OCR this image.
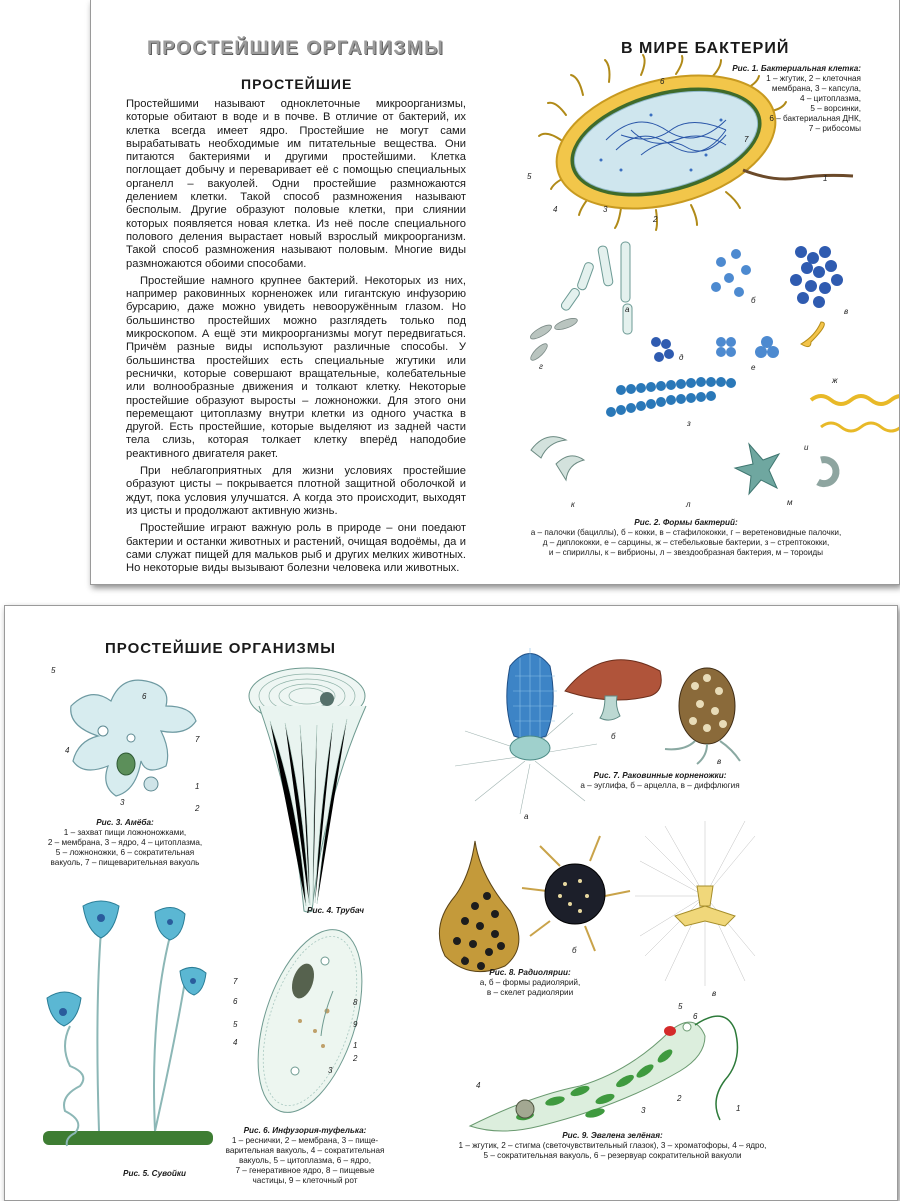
ПРОСТЕЙШИЕ ОРГАНИЗМЫ
ПРОСТЕЙШИЕ
В МИРЕ БАКТЕРИЙ

Простейшими называют одноклеточные микроорганизмы, которые обитают в воде и в почве. В отличие от бактерий, их клетка всегда имеет ядро. Простейшие не могут сами вырабатывать необходимые им питательные вещества. Они питаются бактериями и другими простейшими. Клетка поглощает добычу и переваривает её с помощью специальных органелл – вакуолей. Одни простейшие размножаются делением клетки. Такой способ размножения называют бесполым. Другие образуют половые клетки, при слиянии которых появляется новая клетка. Из неё после специального полового деления вырастает новый взрослый микроорганизм. Такой способ размножения называют половым. Многие виды размножаются обоими способами.

Простейшие намного крупнее бактерий. Некоторых из них, например раковинных корненожек или гигантскую инфузорию бурсарию, даже можно увидеть невооружённым глазом. Но большинство простейших можно разглядеть только под микроскопом. А ещё эти микроорганизмы могут передвигаться. Причём разные виды используют различные способы. У большинства простейших есть специальные жгутики или реснички, которые совершают вращательные, колебательные или волнообразные движения и толкают клетку. Некоторые простейшие образуют выросты – ложноножки. Для этого они перемещают цитоплазму внутри клетки из одного участка в другой. Есть простейшие, которые выделяют из задней части тела слизь, которая толкает клетку вперёд наподобие реактивного двигателя ракет.

При неблагоприятных для жизни условиях простейшие образуют цисты – покрывается плотной защитной оболочкой и ждут, пока условия улучшатся. А когда это происходит, выходят из цисты и продолжают активную жизнь.

Простейшие играют важную роль в природе – они поедают бактерии и останки животных и растений, очищая водоёмы, да и сами служат пищей для мальков рыб и других мелких животных. Но некоторые виды вызывают болезни человека или животных.

6
1
7
5
4	3
2
Рис. 1. Бактериальная клетка:
1 – жгутик, 2 – клеточная
мембрана, 3 – капсула,
4 – цитоплазма,
5 – ворсинки,
6 – бактериальная ДНК,
7 – рибосомы
а
б
в
г
д
е
ж
з
и
к	л	м
Рис. 2. Формы бактерий:
а – палочки (бациллы), б – кокки, в – стафилококки, г – веретеновидные палочки,
д – диплококки, е – сарцины, ж – стебельковые бактерии, з – стрептококки,
и – спириллы, к – вибрионы, л – звездообразная бактерия, м – тороиды
ПРОСТЕЙШИЕ ОРГАНИЗМЫ
5
6
4
7
1
3
2
Рис. 3. Амёба:
1 – захват пищи ложноножками,
2 – мембрана, 3 – ядро, 4 – цитоплазма,
5 – ложноножки, 6 – сократительная
вакуоль, 7 – пищеварительная вакуоль
Рис. 4. Трубач
Рис. 5. Сувойки
7
6
5
4
8
9
1
2
3
Рис. 6. Инфузория-туфелька:
1 – реснички, 2 – мембрана, 3 – пище-
варительная вакуоль, 4 – сократительная
вакуоль, 5 – цитоплазма, 6 – ядро,
7 – генеративное ядро, 8 – пищевые
частицы, 9 – клеточный рот
а
б
в
Рис. 7. Раковинные корненожки:
а – эуглифа, б – арцелла, в – диффлюгия
а
б
в
Рис. 8. Радиолярии:
а, б – формы радиолярий,
в – скелет радиолярии
5
6
4
3
2
1
Рис. 9. Эвглена зелёная:
1 – жгутик, 2 – стигма (светочувствительный глазок), 3 – хроматофоры, 4 – ядро,
5 – сократительная вакуоль, 6 – резервуар сократительной вакуоли
